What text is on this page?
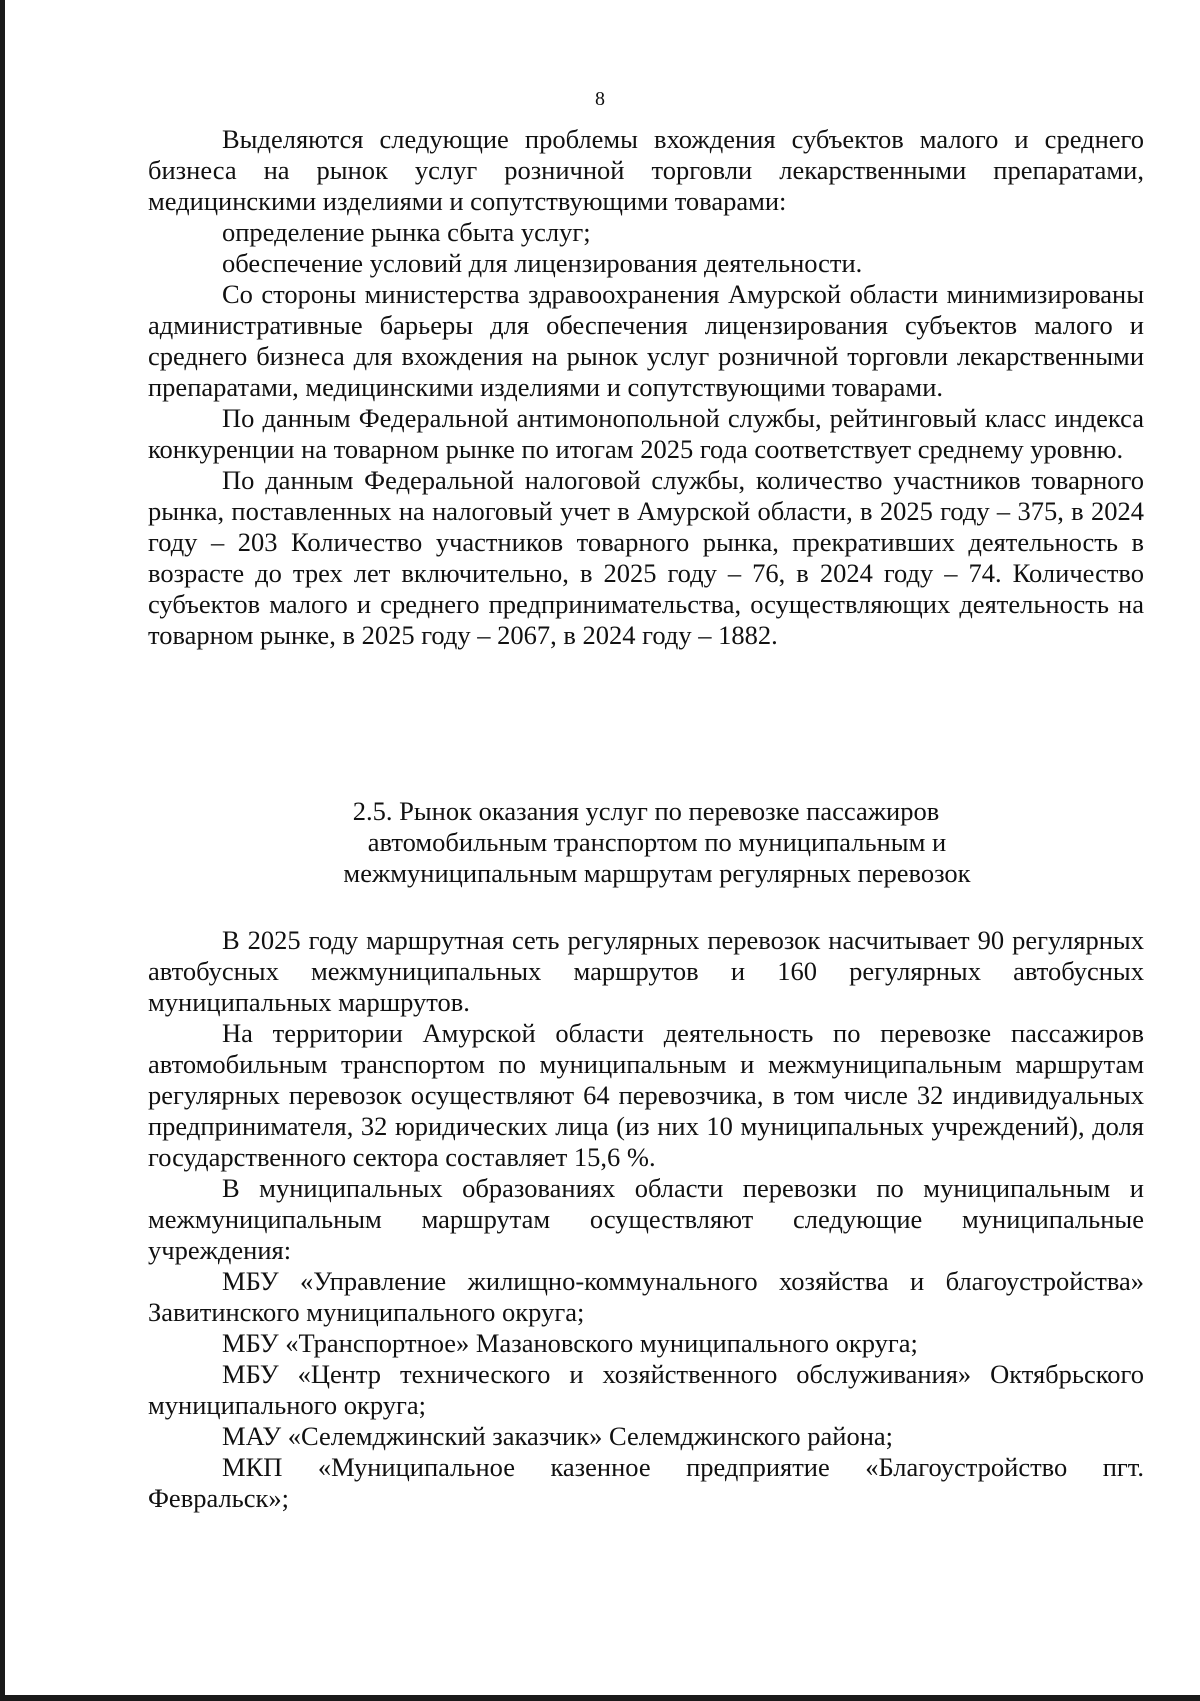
8

Выделяются следующие проблемы вхождения субъектов малого и среднего бизнеса на рынок услуг розничной торговли лекарственными препаратами, медицинскими изделиями и сопутствующими товарами:

определение рынка сбыта услуг;

обеспечение условий для лицензирования деятельности.

Со стороны министерства здравоохранения Амурской области минимизированы административные барьеры для обеспечения лицензирования субъектов малого и среднего бизнеса для вхождения на рынок услуг розничной торговли лекарственными препаратами, медицинскими изделиями и сопутствующими товарами.

По данным Федеральной антимонопольной службы, рейтинговый класс индекса конкуренции на товарном рынке по итогам 2025 года соответствует среднему уровню.

По данным Федеральной налоговой службы, количество участников товарного рынка, поставленных на налоговый учет в Амурской области, в 2025 году – 375, в 2024 году – 203 Количество участников товарного рынка, прекративших деятельность в возрасте до трех лет включительно, в 2025 году – 76, в 2024 году – 74. Количество субъектов малого и среднего предпринимательства, осуществляющих деятельность на товарном рынке, в 2025 году – 2067, в 2024 году – 1882.

2.5. Рынок оказания услуг по перевозке пассажиров
автомобильным транспортом по муниципальным и
межмуниципальным маршрутам регулярных перевозок

В 2025 году маршрутная сеть регулярных перевозок насчитывает 90 регулярных автобусных межмуниципальных маршрутов и 160 регулярных автобусных муниципальных маршрутов.

На территории Амурской области деятельность по перевозке пассажиров автомобильным транспортом по муниципальным и межмуниципальным маршрутам регулярных перевозок осуществляют 64 перевозчика, в том числе 32 индивидуальных предпринимателя, 32 юридических лица (из них 10 муниципальных учреждений), доля государственного сектора составляет 15,6 %.

В муниципальных образованиях области перевозки по муниципальным и межмуниципальным маршрутам осуществляют следующие муниципальные учреждения:

МБУ «Управление жилищно-коммунального хозяйства и благоустройства» Завитинского муниципального округа;

МБУ «Транспортное» Мазановского муниципального округа;

МБУ «Центр технического и хозяйственного обслуживания» Октябрьского муниципального округа;

МАУ «Селемджинский заказчик» Селемджинского района;

МКП «Муниципальное казенное предприятие «Благоустройство пгт. Февральск»;
